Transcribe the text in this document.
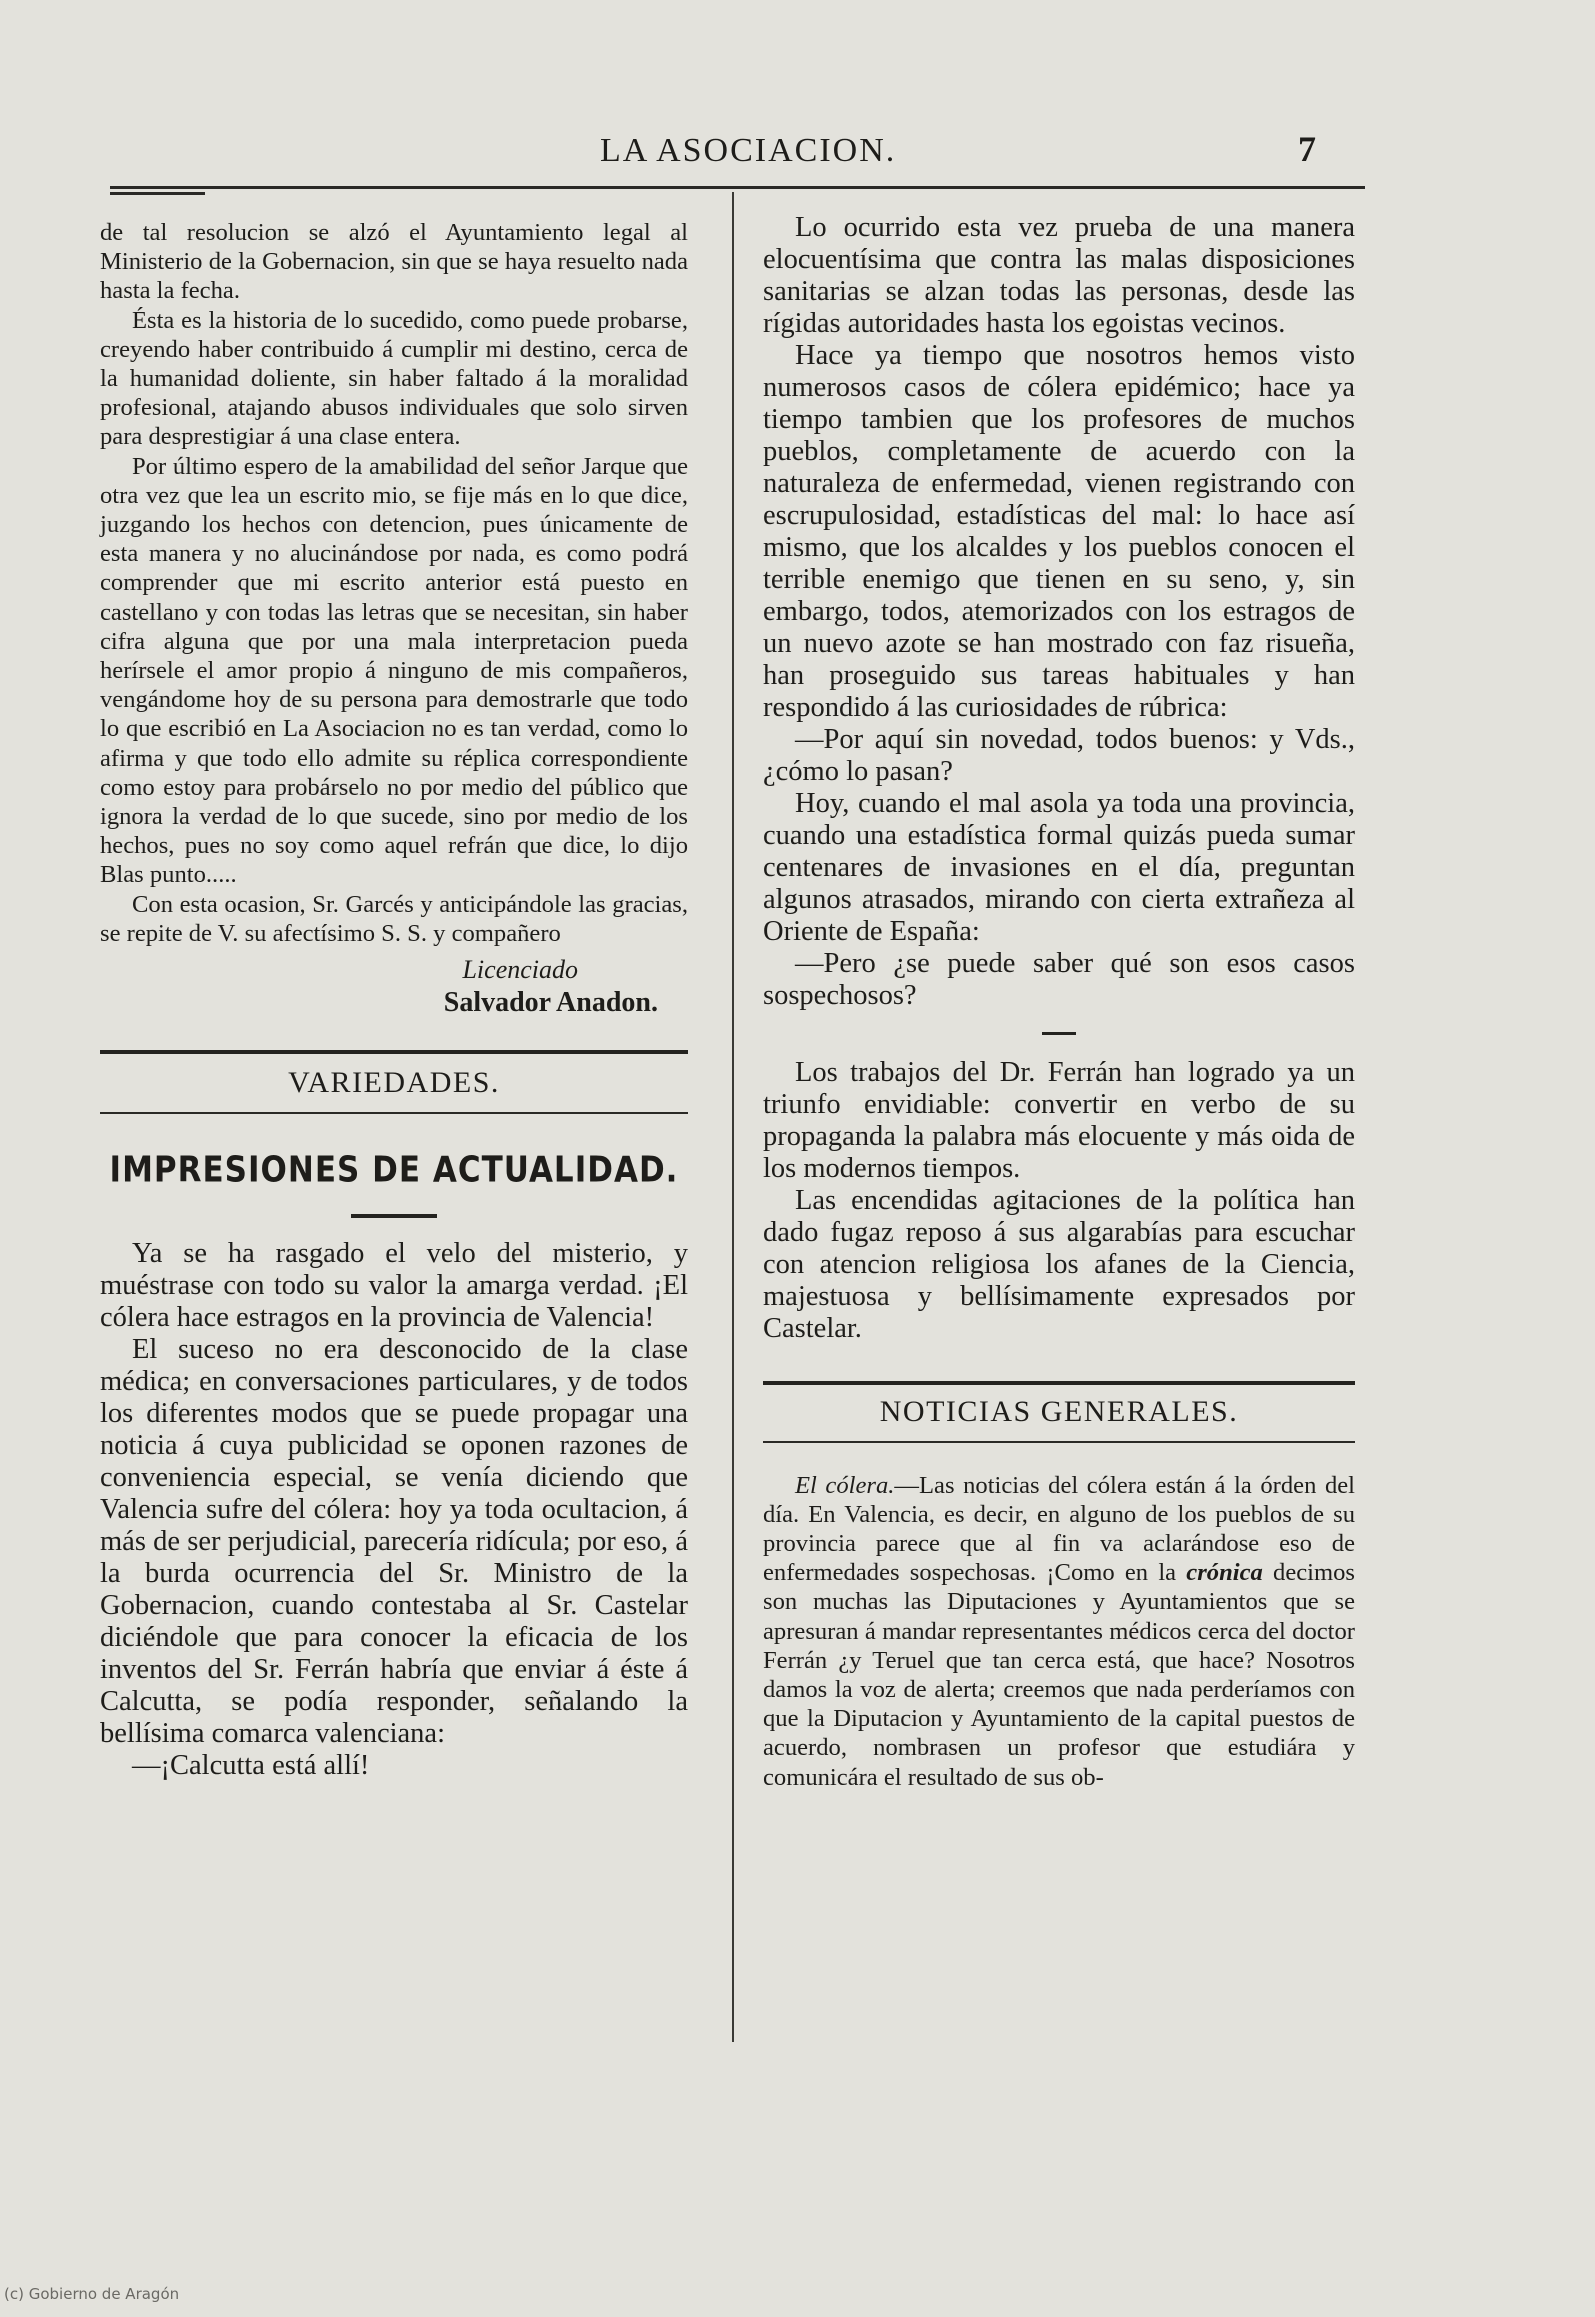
LA ASOCIACION.	7

de tal resolucion se alzó el Ayuntamiento legal al Ministerio de la Gobernacion, sin que se haya resuelto nada hasta la fecha.

Ésta es la historia de lo sucedido, como puede probarse, creyendo haber contribuido á cumplir mi destino, cerca de la humanidad doliente, sin haber faltado á la moralidad profesional, atajando abusos individuales que solo sirven para desprestigiar á una clase entera.

Por último espero de la amabilidad del señor Jarque que otra vez que lea un escrito mio, se fije más en lo que dice, juzgando los hechos con detencion, pues únicamente de esta manera y no alucinándose por nada, es como podrá comprender que mi escrito anterior está puesto en castellano y con todas las letras que se necesitan, sin haber cifra alguna que por una mala interpretacion pueda herírsele el amor propio á ninguno de mis compañeros, vengándome hoy de su persona para demostrarle que todo lo que escribió en La Asociacion no es tan verdad, como lo afirma y que todo ello admite su réplica correspondiente como estoy para probárselo no por medio del público que ignora la verdad de lo que sucede, sino por medio de los hechos, pues no soy como aquel refrán que dice, lo dijo Blas punto.....

Con esta ocasion, Sr. Garcés y anticipándole las gracias, se repite de V. su afectísimo S. S. y compañero

Licenciado
Salvador Anadon.
VARIEDADES.
IMPRESIONES DE ACTUALIDAD.

Ya se ha rasgado el velo del misterio, y muéstrase con todo su valor la amarga verdad. ¡El cólera hace estragos en la provincia de Valencia!

El suceso no era desconocido de la clase médica; en conversaciones particulares, y de todos los diferentes modos que se puede propagar una noticia á cuya publicidad se oponen razones de conveniencia especial, se venía diciendo que Valencia sufre del cólera: hoy ya toda ocultacion, á más de ser perjudicial, parecería ridícula; por eso, á la burda ocurrencia del Sr. Ministro de la Gobernacion, cuando contestaba al Sr. Castelar diciéndole que para conocer la eficacia de los inventos del Sr. Ferrán habría que enviar á éste á Calcutta, se podía responder, señalando la bellísima comarca valenciana:

—¡Calcutta está allí!

Lo ocurrido esta vez prueba de una manera elocuentísima que contra las malas disposiciones sanitarias se alzan todas las personas, desde las rígidas autoridades hasta los egoistas vecinos.

Hace ya tiempo que nosotros hemos visto numerosos casos de cólera epidémico; hace ya tiempo tambien que los profesores de muchos pueblos, completamente de acuerdo con la naturaleza de enfermedad, vienen registrando con escrupulosidad, estadísticas del mal: lo hace así mismo, que los alcaldes y los pueblos conocen el terrible enemigo que tienen en su seno, y, sin embargo, todos, atemorizados con los estragos de un nuevo azote se han mostrado con faz risueña, han proseguido sus tareas habituales y han respondido á las curiosidades de rúbrica:

—Por aquí sin novedad, todos buenos: y Vds., ¿cómo lo pasan?

Hoy, cuando el mal asola ya toda una provincia, cuando una estadística formal quizás pueda sumar centenares de invasiones en el día, preguntan algunos atrasados, mirando con cierta extrañeza al Oriente de España:

—Pero ¿se puede saber qué son esos casos sospechosos?

Los trabajos del Dr. Ferrán han logrado ya un triunfo envidiable: convertir en verbo de su propaganda la palabra más elocuente y más oida de los modernos tiempos.

Las encendidas agitaciones de la política han dado fugaz reposo á sus algarabías para escuchar con atencion religiosa los afanes de la Ciencia, majestuosa y bellísimamente expresados por Castelar.

NOTICIAS GENERALES.

El cólera.—Las noticias del cólera están á la órden del día. En Valencia, es decir, en alguno de los pueblos de su provincia parece que al fin va aclarándose eso de enfermedades sospechosas. ¡Como en la crónica decimos son muchas las Diputaciones y Ayuntamientos que se apresuran á mandar representantes médicos cerca del doctor Ferrán ¿y Teruel que tan cerca está, que hace? Nosotros damos la voz de alerta; creemos que nada perderíamos con que la Diputacion y Ayuntamiento de la capital puestos de acuerdo, nombrasen un profesor que estudiára y comunicára el resultado de sus ob-

(c) Gobierno de Aragón
